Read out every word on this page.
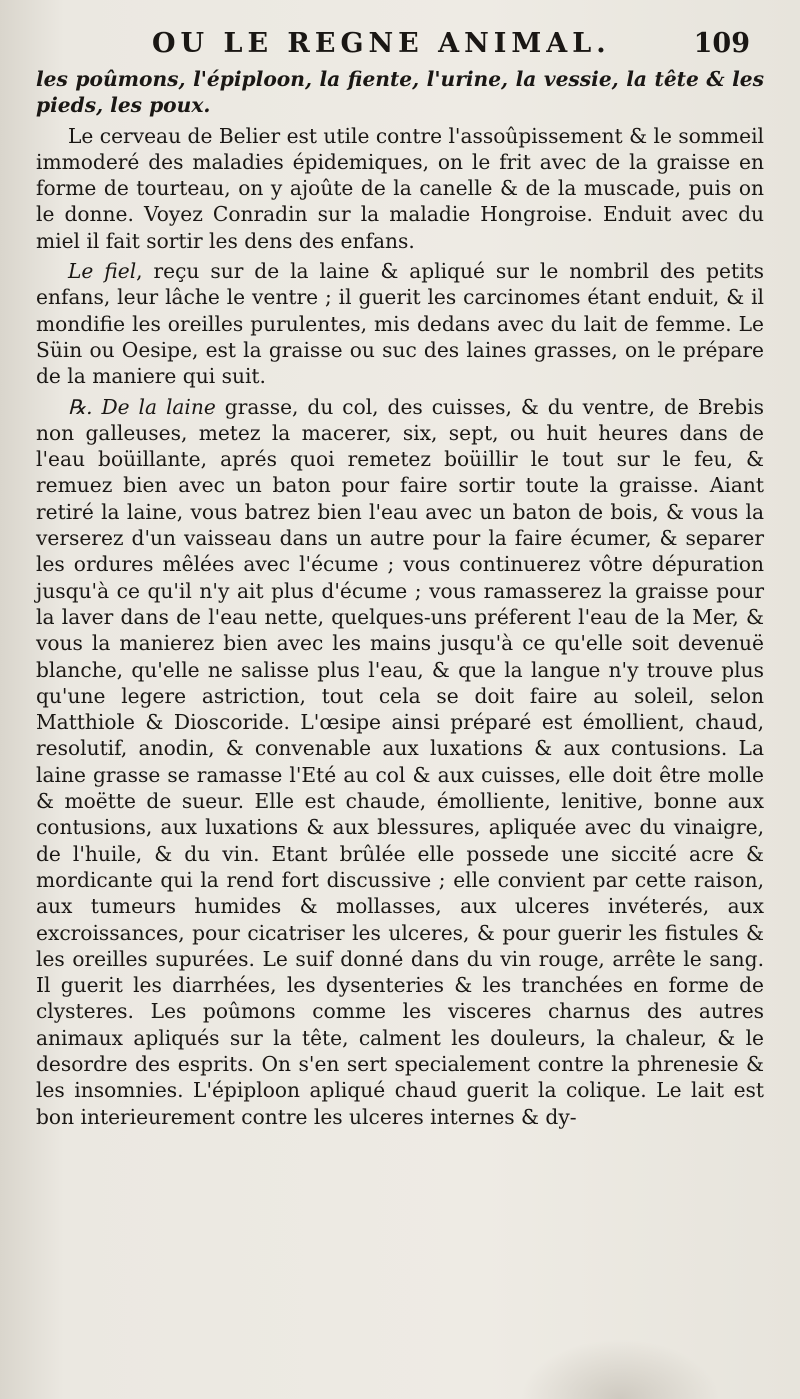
OU LE REGNE ANIMAL.	109

les poûmons, l'épiploon, la fiente, l'urine, la vessie, la tête & les pieds, les poux.

Le cerveau de Belier est utile contre l'assoûpissement & le sommeil immoderé des maladies épidemiques, on le frit avec de la graisse en forme de tourteau, on y ajoûte de la canelle & de la muscade, puis on le donne. Voyez Conradin sur la maladie Hongroise. Enduit avec du miel il fait sortir les dens des enfans.

Le fiel, reçu sur de la laine & apliqué sur le nombril des petits enfans, leur lâche le ventre ; il guerit les carcinomes étant enduit, & il mondifie les oreilles purulentes, mis dedans avec du lait de femme. Le Süin ou Oesipe, est la graisse ou suc des laines grasses, on le prépare de la maniere qui suit.

℞. De la laine grasse, du col, des cuisses, & du ventre, de Brebis non galleuses, metez la macerer, six, sept, ou huit heures dans de l'eau boüillante, aprés quoi remetez boüillir le tout sur le feu, & remuez bien avec un baton pour faire sortir toute la graisse. Aiant retiré la laine, vous batrez bien l'eau avec un baton de bois, & vous la verserez d'un vaisseau dans un autre pour la faire écumer, & separer les ordures mêlées avec l'écume ; vous continuerez vôtre dépuration jusqu'à ce qu'il n'y ait plus d'écume ; vous ramasserez la graisse pour la laver dans de l'eau nette, quelques-uns préferent l'eau de la Mer, & vous la manierez bien avec les mains jusqu'à ce qu'elle soit devenuë blanche, qu'elle ne salisse plus l'eau, & que la langue n'y trouve plus qu'une legere astriction, tout cela se doit faire au soleil, selon Matthiole & Dioscoride. L'œsipe ainsi préparé est émollient, chaud, resolutif, anodin, & convenable aux luxations & aux contusions. La laine grasse se ramasse l'Eté au col & aux cuisses, elle doit être molle & moëtte de sueur. Elle est chaude, émolliente, lenitive, bonne aux contusions, aux luxations & aux blessures, apliquée avec du vinaigre, de l'huile, & du vin. Etant brûlée elle possede une siccité acre & mordicante qui la rend fort discussive ; elle convient par cette raison, aux tumeurs humides & mollasses, aux ulceres invéterés, aux excroissances, pour cicatriser les ulceres, & pour guerir les fistules & les oreilles supurées. Le suif donné dans du vin rouge, arrête le sang. Il guerit les diarrhées, les dysenteries & les tranchées en forme de clysteres. Les poûmons comme les visceres charnus des autres animaux apliqués sur la tête, calment les douleurs, la chaleur, & le desordre des esprits. On s'en sert specialement contre la phrenesie & les insomnies. L'épiploon apliqué chaud guerit la colique. Le lait est bon interieurement contre les ulceres internes & dy-
